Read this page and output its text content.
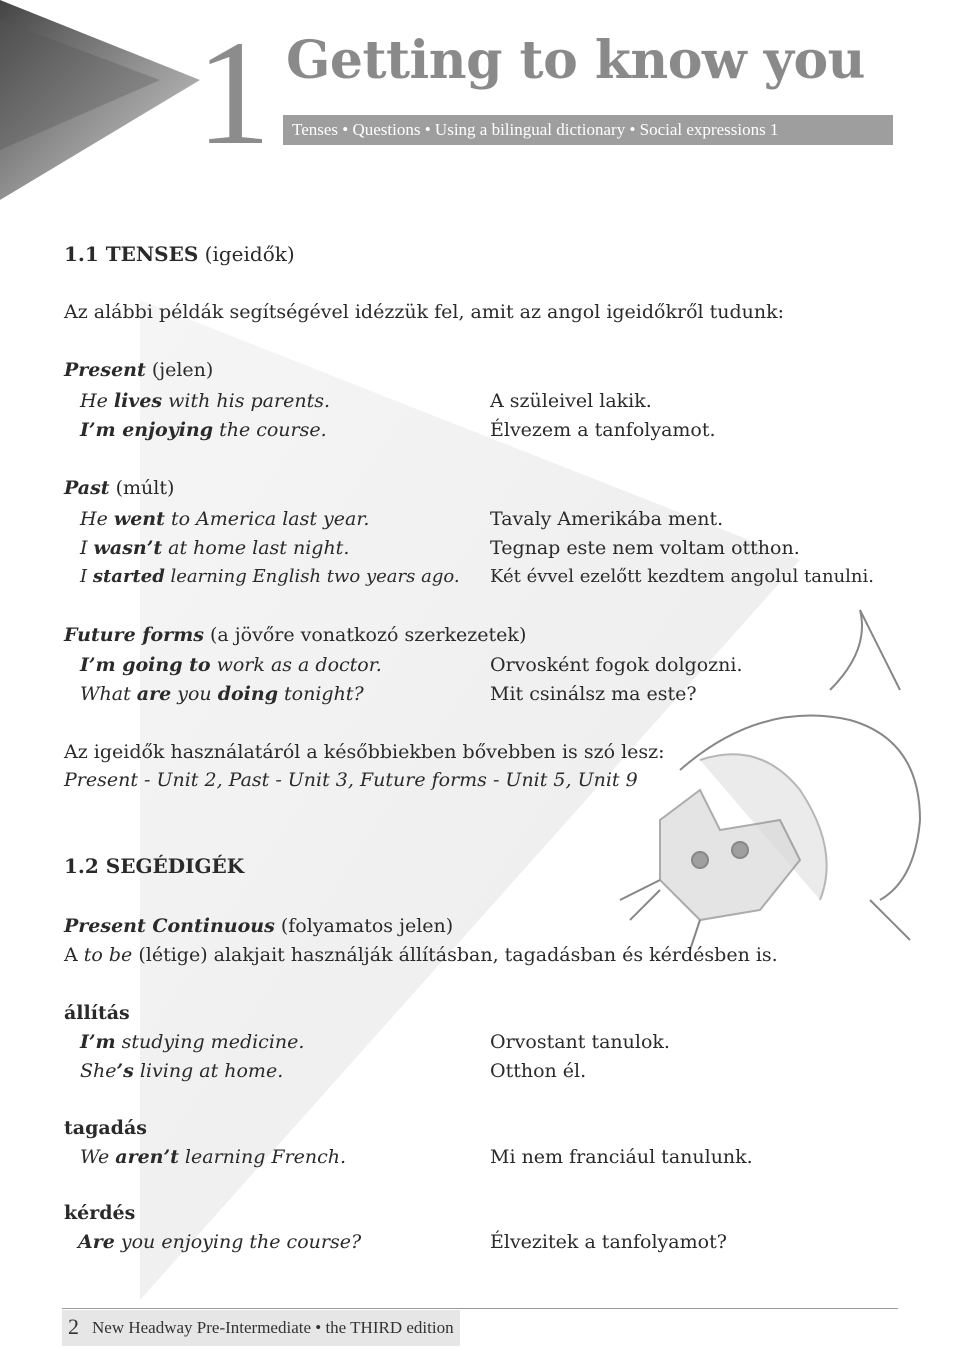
1 Getting to know you
Tenses • Questions • Using a bilingual dictionary • Social expressions 1
1.1 TENSES (igeidők)
Az alábbi példák segítségével idézzük fel, amit az angol igeidőkről tudunk:
Present (jelen)
He lives with his parents.	A szüleivel lakik.
I’m enjoying the course.	Élvezem a tanfolyamot.
Past (múlt)
He went to America last year.	Tavaly Amerikába ment.
I wasn’t at home last night.	Tegnap este nem voltam otthon.
I started learning English two years ago. Két évvel ezelőtt kezdtem angolul tanulni.
Future forms (a jövőre vonatkozó szerkezetek)
I’m going to work as a doctor.	Orvosként fogok dolgozni.
What are you doing tonight?	Mit csinálsz ma este?
Az igeidők használatáról a későbbiekben bővebben is szó lesz:
Present - Unit 2, Past - Unit 3, Future forms - Unit 5, Unit 9
1.2 SEGÉDIGÉK
Present Continuous (folyamatos jelen)
A to be (létige) alakjait használják állításban, tagadásban és kérdésben is.
állítás
I’m studying medicine.	Orvostant tanulok.
She’s living at home.	Otthon él.
tagadás
We aren’t learning French.	Mi nem franciául tanulunk.
kérdés
Are you enjoying the course?	Élvezitek a tanfolyamot?
2 New Headway Pre-Intermediate • the THIRD edition
